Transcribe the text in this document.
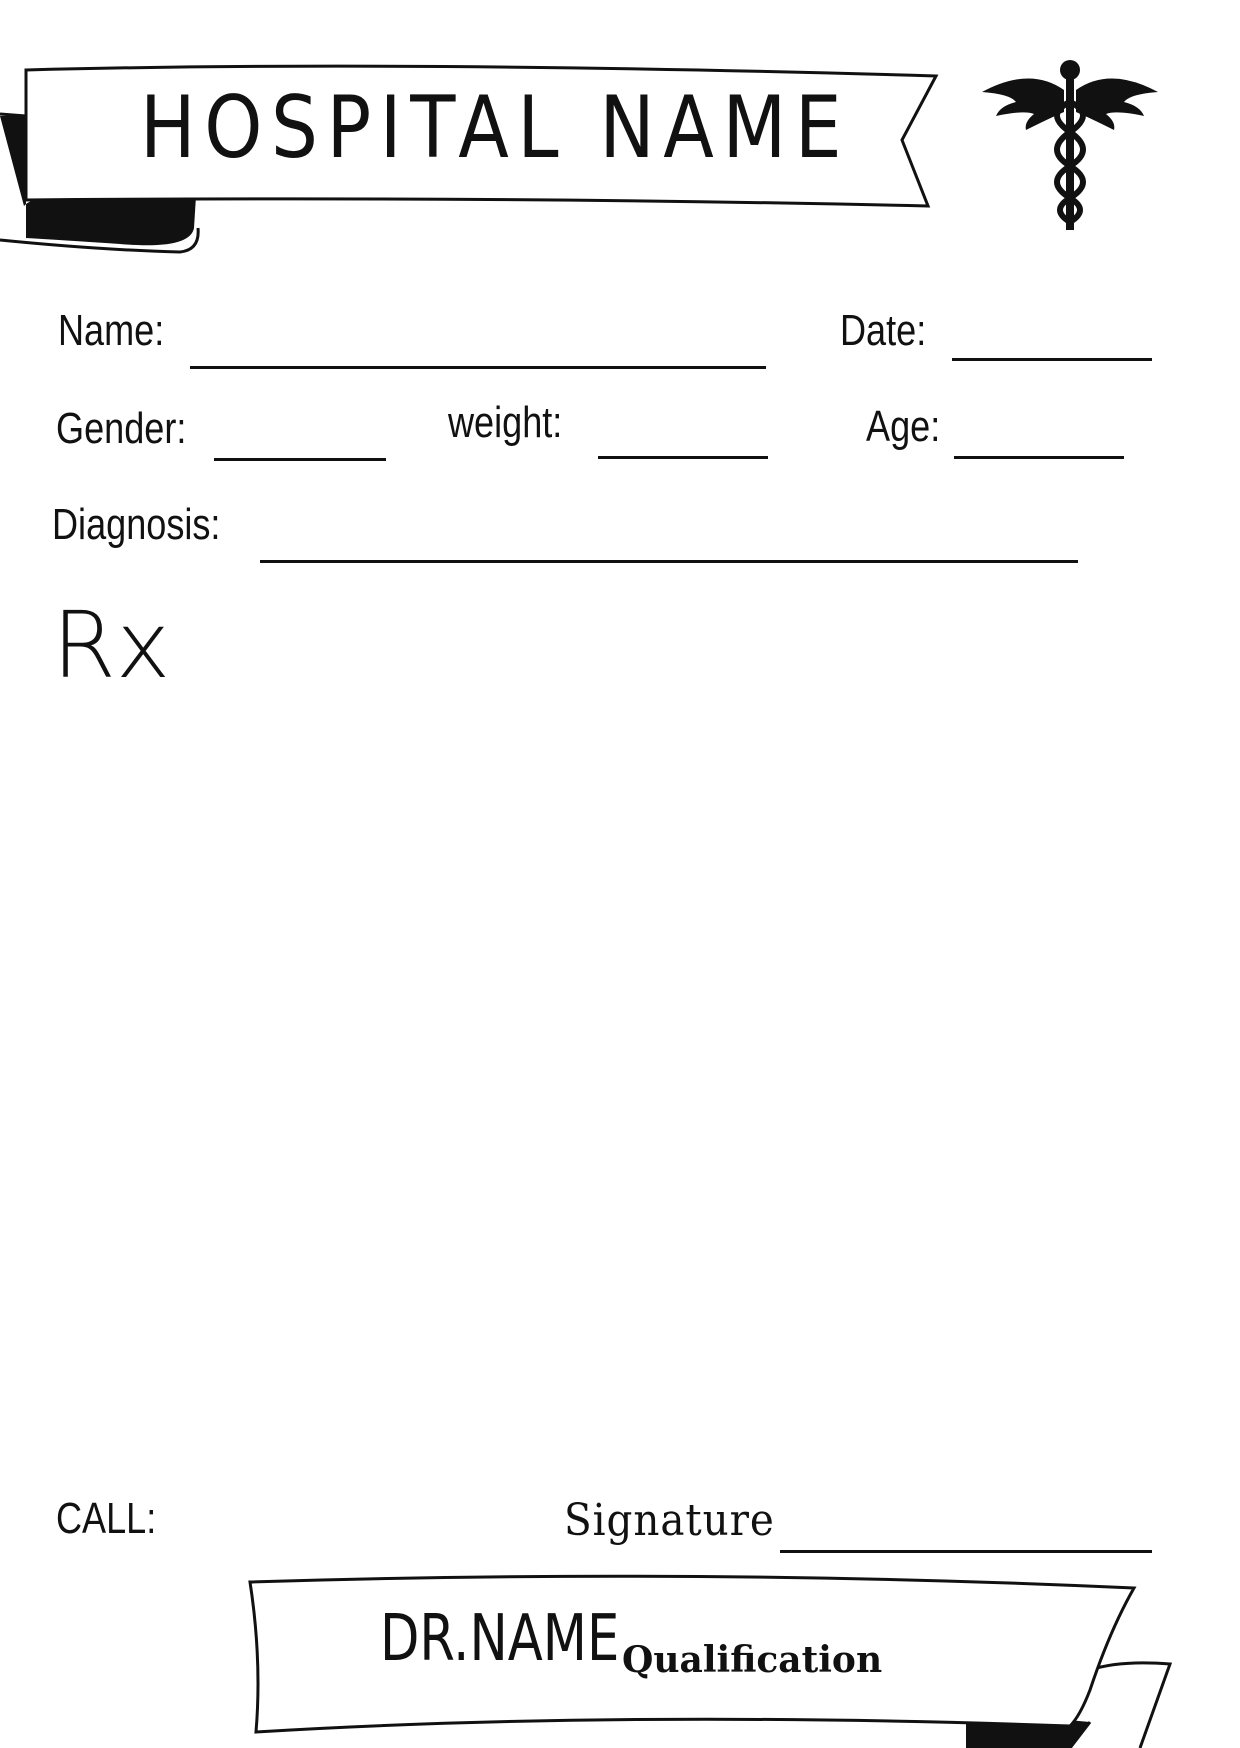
HOSPITAL NAME
Name:	Date:
Gender:	weight:	Age:
Diagnosis:
Rx
CALL:	Signature
DR.NAME Qualification
